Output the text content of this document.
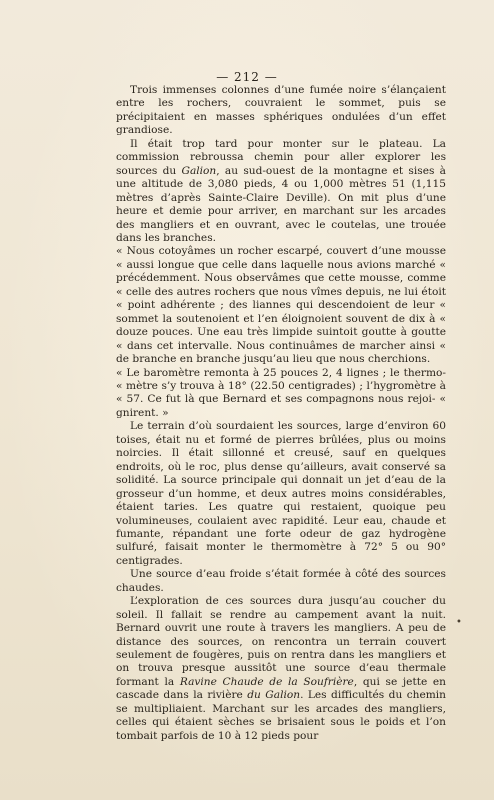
— 212 —

Trois immenses colonnes d’une fumée noire s’élançaient entre les rochers, couvraient le sommet, puis se précipitaient en masses sphériques ondulées d’un effet grandiose.

Il était trop tard pour monter sur le plateau. La commission rebroussa chemin pour aller explorer les sources du Galion, au sud-ouest de la montagne et sises à une altitude de 3,080 pieds, 4 ou 1,000 mètres 51 (1,115 mètres d’après Sainte-Claire Deville). On mit plus d’une heure et demie pour arriver, en marchant sur les arcades des mangliers et en ouvrant, avec le coutelas, une trouée dans les branches.

« Nous cotoyâmes un rocher escarpé, couvert d’une mousse « aussi longue que celle dans laquelle nous avions marché « précédemment. Nous observâmes que cette mousse, comme « celle des autres rochers que nous vîmes depuis, ne lui étoit « point adhérente ; des liannes qui descendoient de leur « sommet la soutenoient et l’en éloignoient souvent de dix à « douze pouces. Une eau très limpide suintoit goutte à goutte « dans cet intervalle. Nous continuâmes de marcher ainsi « de branche en branche jusqu’au lieu que nous cherchions.

« Le baromètre remonta à 25 pouces 2, 4 lignes ; le thermo- « mètre s’y trouva à 18° (22.50 centigrades) ; l’hygromètre à « 57. Ce fut là que Bernard et ses compagnons nous rejoi- « gnirent. »

Le terrain d’où sourdaient les sources, large d’environ 60 toises, était nu et formé de pierres brûlées, plus ou moins noircies. Il était sillonné et creusé, sauf en quelques endroits, où le roc, plus dense qu’ailleurs, avait conservé sa solidité. La source principale qui donnait un jet d’eau de la grosseur d’un homme, et deux autres moins considérables, étaient taries. Les quatre qui restaient, quoique peu volumineuses, coulaient avec rapidité. Leur eau, chaude et fumante, répandant une forte odeur de gaz hydrogène sulfuré, faisait monter le thermomètre à 72° 5 ou 90° centigrades.

Une source d’eau froide s’était formée à côté des sources chaudes.

L’exploration de ces sources dura jusqu’au coucher du soleil. Il fallait se rendre au campement avant la nuit. Bernard ouvrit une route à travers les mangliers. A peu de distance des sources, on rencontra un terrain couvert seulement de fougères, puis on rentra dans les mangliers et on trouva presque aussitôt une source d’eau thermale formant la Ravine Chaude de la Soufrière, qui se jette en cascade dans la rivière du Galion. Les difficultés du chemin se multipliaient. Marchant sur les arcades des mangliers, celles qui étaient sèches se brisaient sous le poids et l’on tombait parfois de 10 à 12 pieds pour

•
